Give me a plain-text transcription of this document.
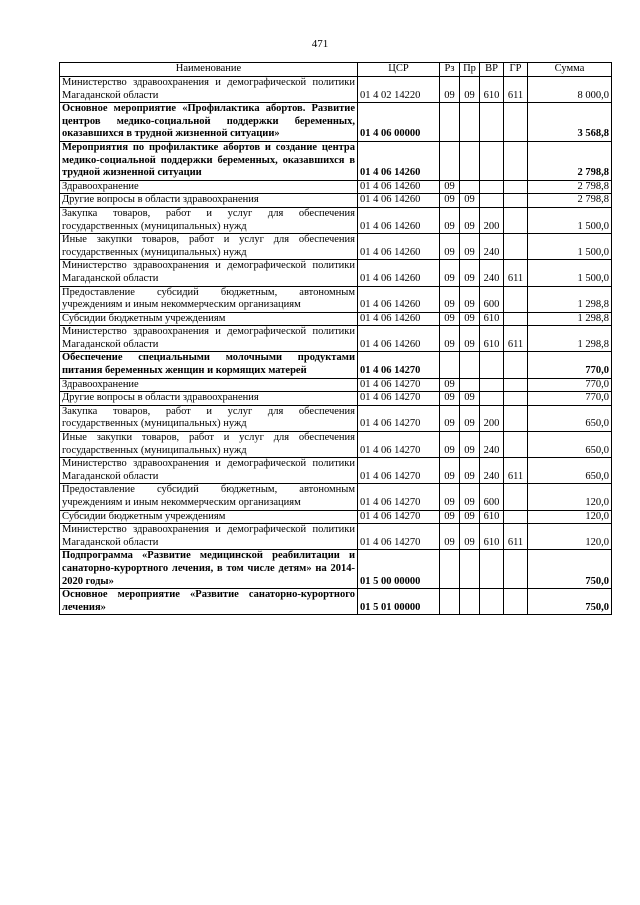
471
Наименование	ЦСР	Рз	Пр	ВР	ГР	Сумма
Министерство здравоохранения и демографической политики Магаданской области	01 4 02 14220	09	09	610	611	8 000,0
Основное мероприятие «Профилактика абортов. Развитие центров медико-социальной поддержки беременных, оказавшихся в трудной жизненной ситуации»	01 4 06 00000					3 568,8
Мероприятия по профилактике абортов и создание центра медико-социальной поддержки беременных, оказавшихся в трудной жизненной ситуации	01 4 06 14260					2 798,8
Здравоохранение	01 4 06 14260	09				2 798,8
Другие вопросы в области здравоохранения	01 4 06 14260	09	09			2 798,8
Закупка товаров, работ и услуг для обеспечения государственных (муниципальных) нужд	01 4 06 14260	09	09	200		1 500,0
Иные закупки товаров, работ и услуг для обеспечения государственных (муниципальных) нужд	01 4 06 14260	09	09	240		1 500,0
Министерство здравоохранения и демографической политики Магаданской области	01 4 06 14260	09	09	240	611	1 500,0
Предоставление субсидий бюджетным, автономным учреждениям и иным некоммерческим организациям	01 4 06 14260	09	09	600		1 298,8
Субсидии бюджетным учреждениям	01 4 06 14260	09	09	610		1 298,8
Министерство здравоохранения и демографической политики Магаданской области	01 4 06 14260	09	09	610	611	1 298,8
Обеспечение специальными молочными продуктами питания беременных женщин и кормящих матерей	01 4 06 14270					770,0
Здравоохранение	01 4 06 14270	09				770,0
Другие вопросы в области здравоохранения	01 4 06 14270	09	09			770,0
Закупка товаров, работ и услуг для обеспечения государственных (муниципальных) нужд	01 4 06 14270	09	09	200		650,0
Иные закупки товаров, работ и услуг для обеспечения государственных (муниципальных) нужд	01 4 06 14270	09	09	240		650,0
Министерство здравоохранения и демографической политики Магаданской области	01 4 06 14270	09	09	240	611	650,0
Предоставление субсидий бюджетным, автономным учреждениям и иным некоммерческим организациям	01 4 06 14270	09	09	600		120,0
Субсидии бюджетным учреждениям	01 4 06 14270	09	09	610		120,0
Министерство здравоохранения и демографической политики Магаданской области	01 4 06 14270	09	09	610	611	120,0
Подпрограмма «Развитие медицинской реабилитации и санаторно-курортного лечения, в том числе детям» на 2014-2020 годы»	01 5 00 00000					750,0
Основное мероприятие «Развитие санаторно-курортного лечения»	01 5 01 00000					750,0
